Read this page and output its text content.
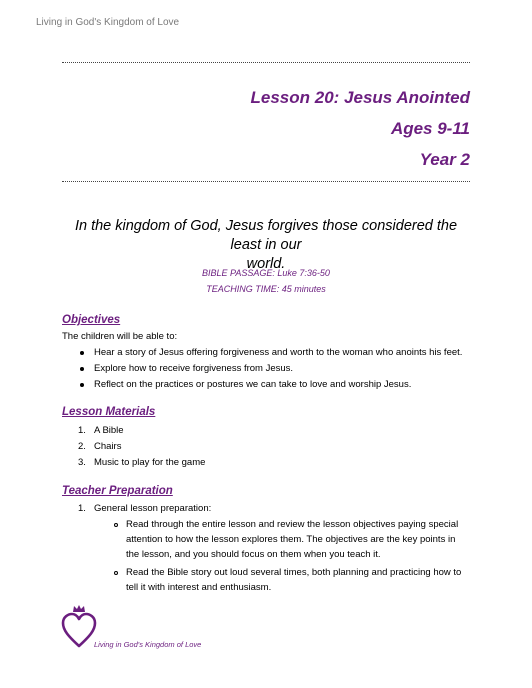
Living in God's Kingdom of Love
Lesson 20: Jesus Anointed
Ages 9-11
Year 2
In the kingdom of God, Jesus forgives those considered the least in our
world.
BIBLE PASSAGE: Luke 7:36-50
TEACHING TIME: 45 minutes
Objectives
The children will be able to:
Hear a story of Jesus offering forgiveness and worth to the woman who anoints his feet.
Explore how to receive forgiveness from Jesus.
Reflect on the practices or postures we can take to love and worship Jesus.
Lesson Materials
1. A Bible
2. Chairs
3. Music to play for the game
Teacher Preparation
1. General lesson preparation:
Read through the entire lesson and review the lesson objectives paying special
attention to how the lesson explores them. The objectives are the key points in
the lesson, and you should focus on them when you teach it.
Read the Bible story out loud several times, both planning and practicing how to
tell it with interest and enthusiasm.
Living in God's Kingdom of Love
